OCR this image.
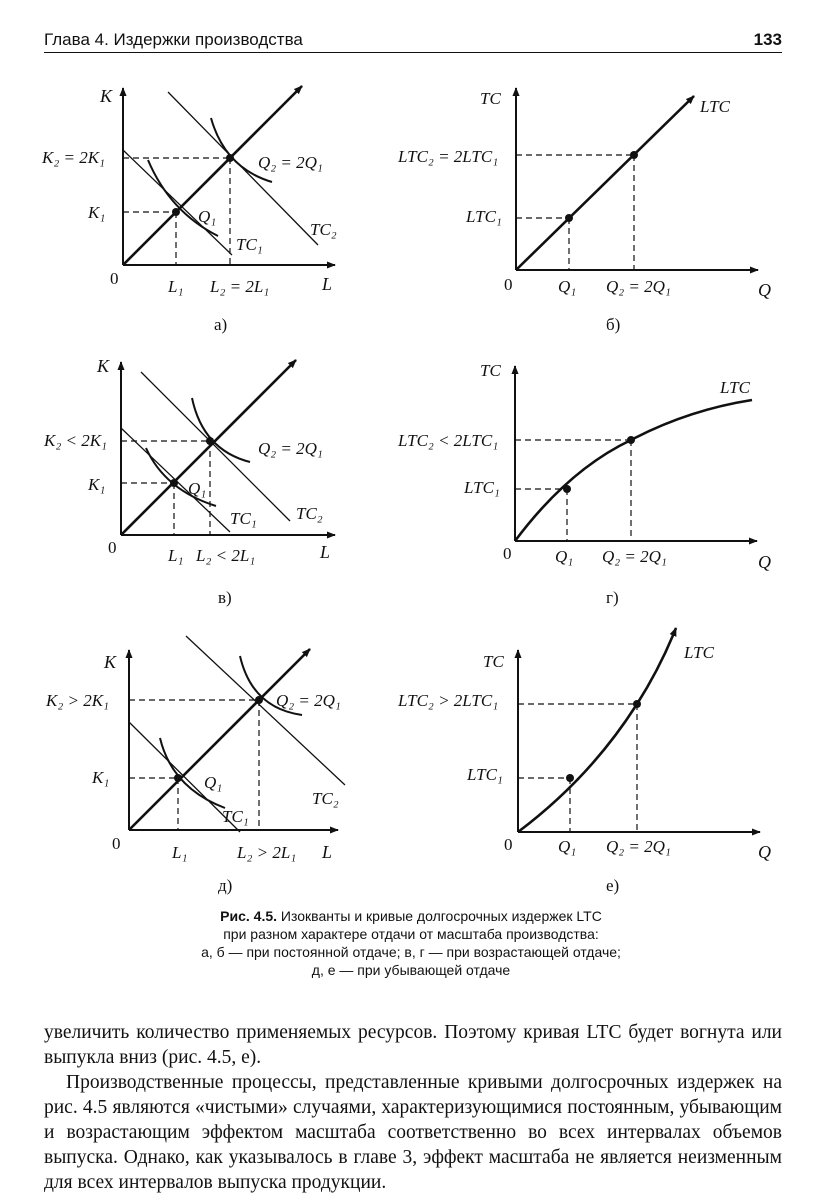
Глава 4. Издержки производства	133
K
L
0
K₂ = 2K₁
K₁
L₁ L₂ = 2L₁
Q₁
Q₂ = 2Q₁
TC₁
TC₂
а)
TC
Q
0
LTC
LTC₂ = 2LTC₁
LTC₁
Q₁ Q₂ = 2Q₁
б)
K
L
0
K₂ < 2K₁
K₁
L₁ L₂ < 2L₁
Q₁
Q₂ = 2Q₁
TC₁ TC₂
в)
TC
Q
0
LTC
LTC₂ < 2LTC₁
LTC₁
Q₁ Q₂ = 2Q₁
г)
K
L
0
K₂ > 2K₁
K₁
L₁	L₂ > 2L₁
Q₁
Q₂ = 2Q₁
TC₁
TC₂
д)
TC
Q
0
LTC
LTC₂ > 2LTC₁
LTC₁
Q₁ Q₂ = 2Q₁
е)
Рис. 4.5. Изокванты и кривые долгосрочных издержек LTC
при разном характере отдачи от масштаба производства:
а, б — при постоянной отдаче; в, г — при возрастающей отдаче;
д, е — при убывающей отдаче

увеличить количество применяемых ресурсов. Поэтому кривая LTC будет вогнута или выпукла вниз (рис. 4.5, е).

Производственные процессы, представленные кривыми долгосрочных издержек на рис. 4.5 являются «чистыми» случаями, характеризующимися постоянным, убывающим и возрастающим эффектом масштаба соответственно во всех интервалах объемов выпуска. Однако, как указывалось в главе 3, эффект масштаба не является неизменным для всех интервалов выпуска продукции.
